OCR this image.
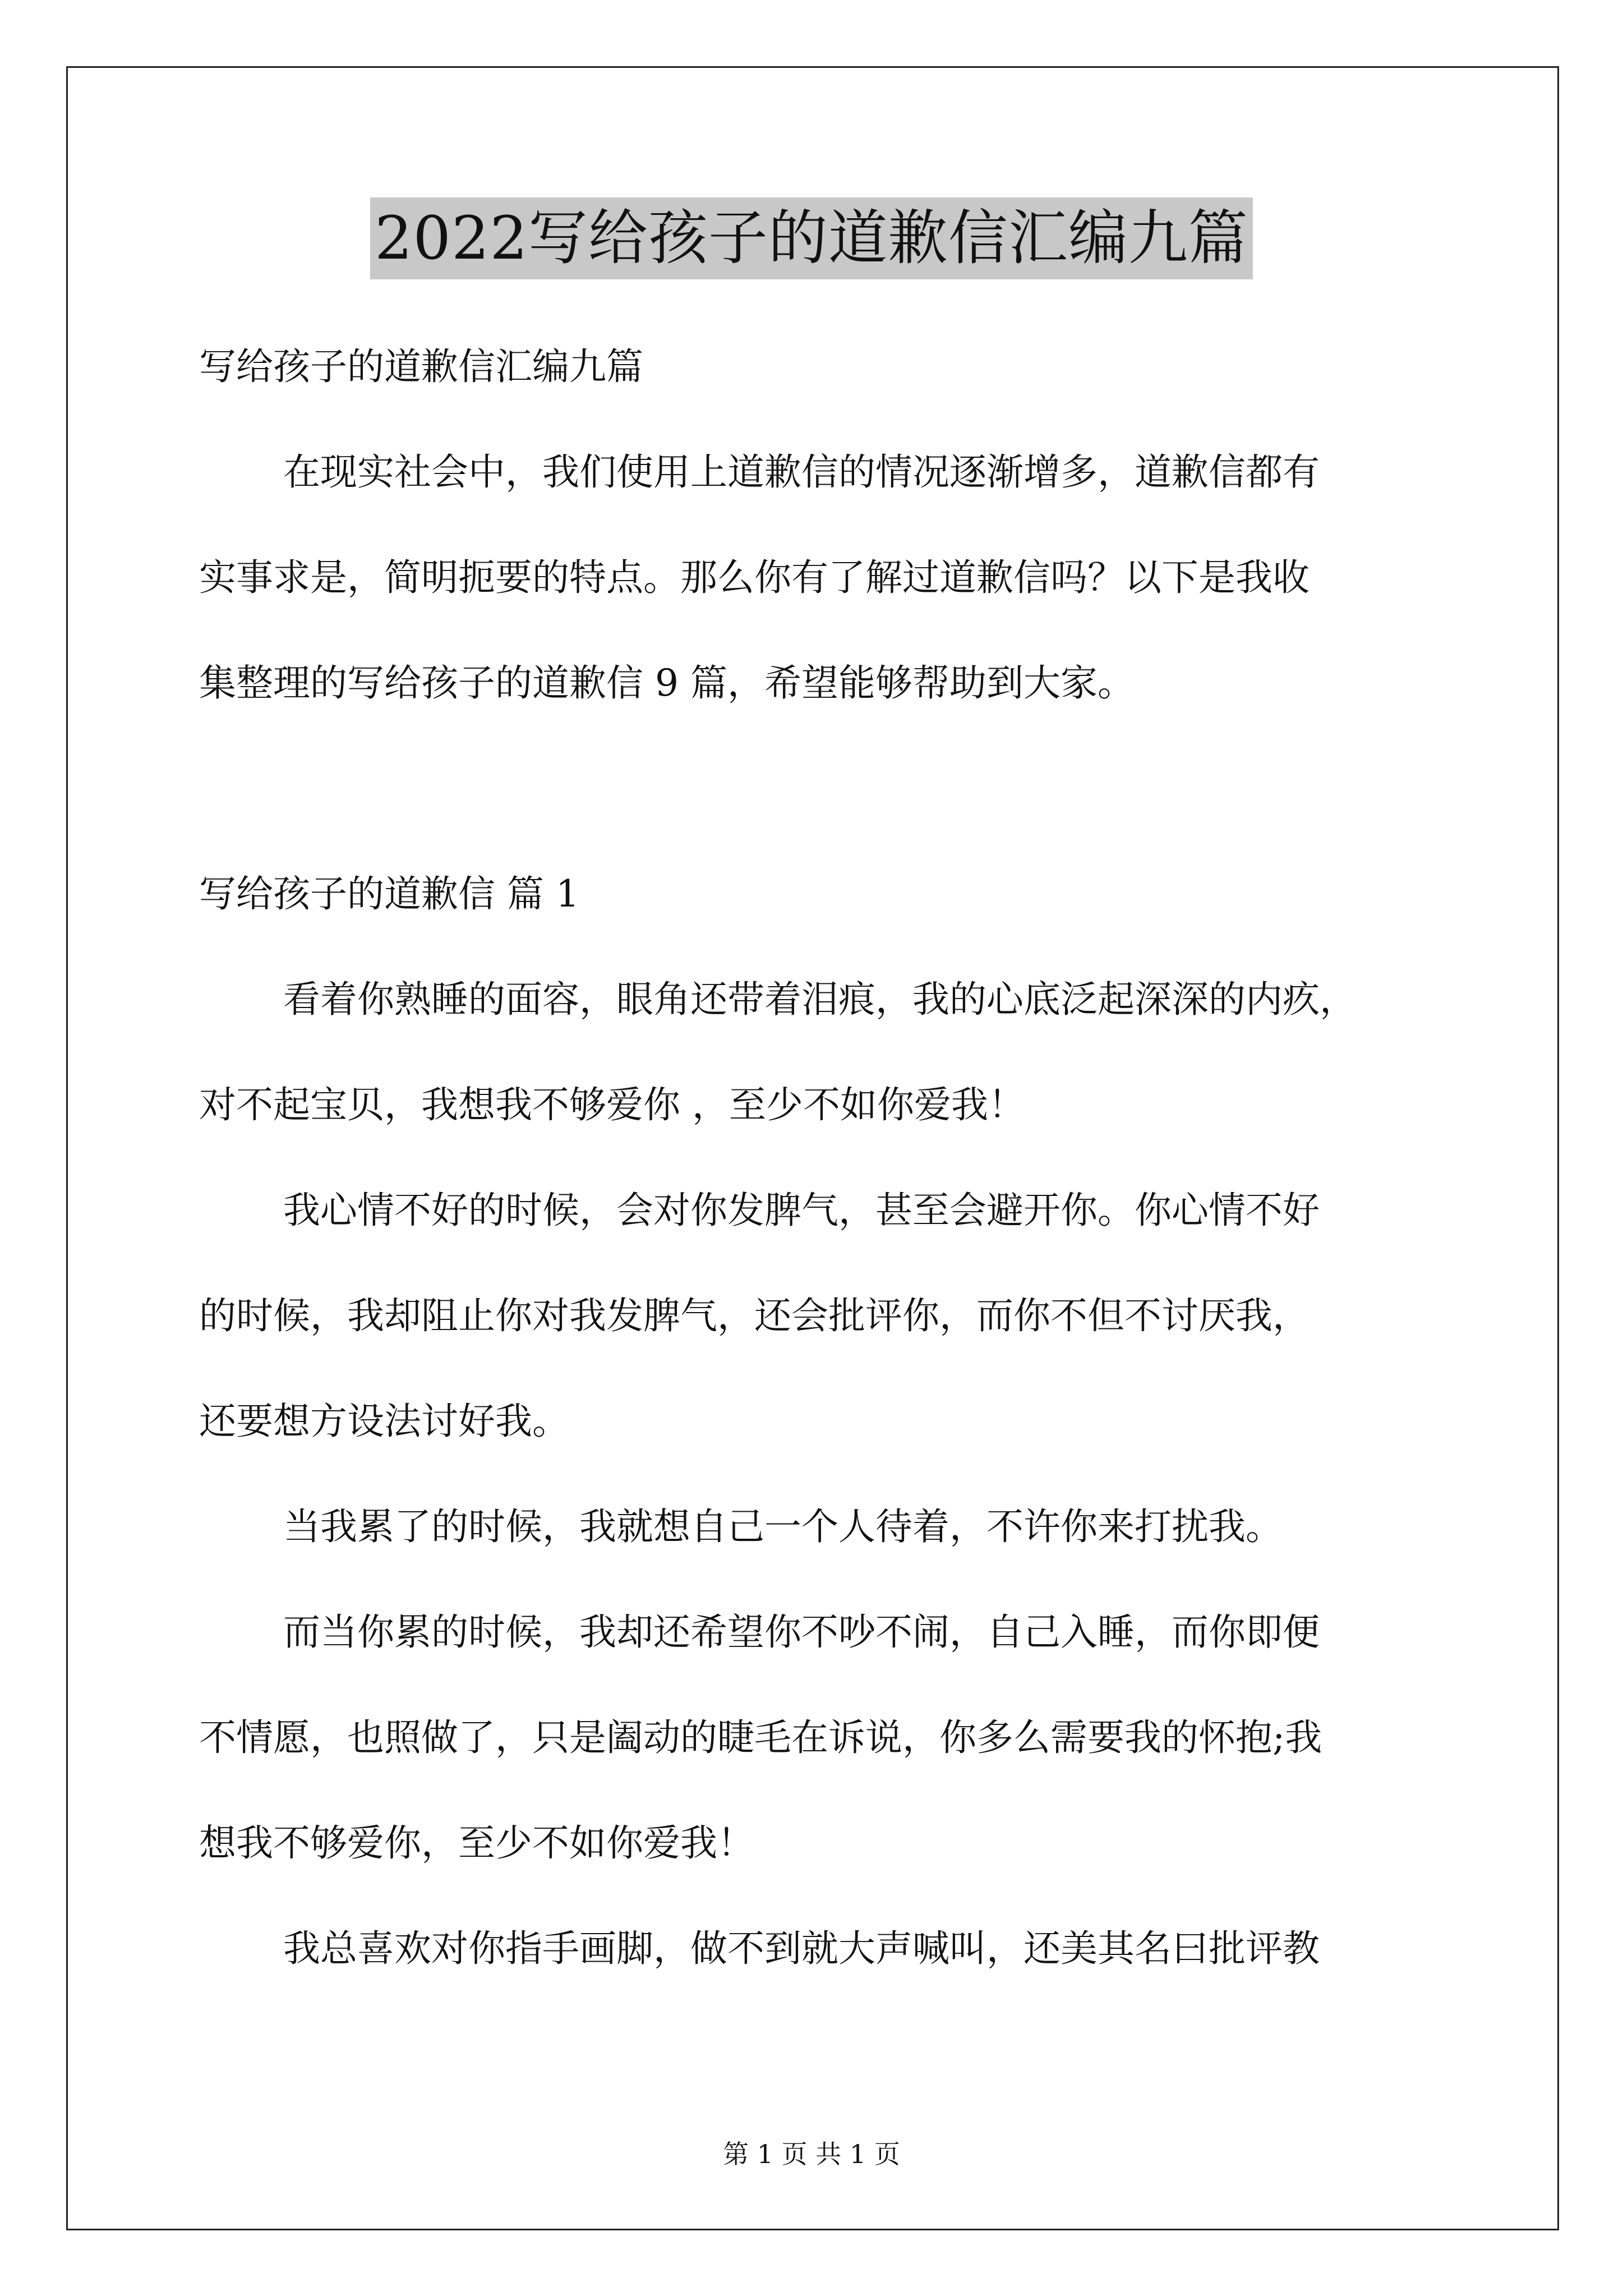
2022写给孩子的道歉信汇编九篇

写给孩子的道歉信汇编九篇

在现实社会中，我们使用上道歉信的情况逐渐增多，道歉信都有

实事求是，简明扼要的特点。那么你有了解过道歉信吗？以下是我收

集整理的写给孩子的道歉信 9 篇，希望能够帮助到大家。

写给孩子的道歉信 篇 1

看着你熟睡的面容，眼角还带着泪痕，我的心底泛起深深的内疚，

对不起宝贝，我想我不够爱你 ，至少不如你爱我！

我心情不好的时候，会对你发脾气，甚至会避开你。你心情不好

的时候，我却阻止你对我发脾气，还会批评你，而你不但不讨厌我，

还要想方设法讨好我。

当我累了的时候，我就想自己一个人待着，不许你来打扰我。

而当你累的时候，我却还希望你不吵不闹，自己入睡，而你即便

不情愿，也照做了，只是阖动的睫毛在诉说，你多么需要我的怀抱;我

想我不够爱你，至少不如你爱我！

我总喜欢对你指手画脚，做不到就大声喊叫，还美其名曰批评教

第 1 页 共 1 页
